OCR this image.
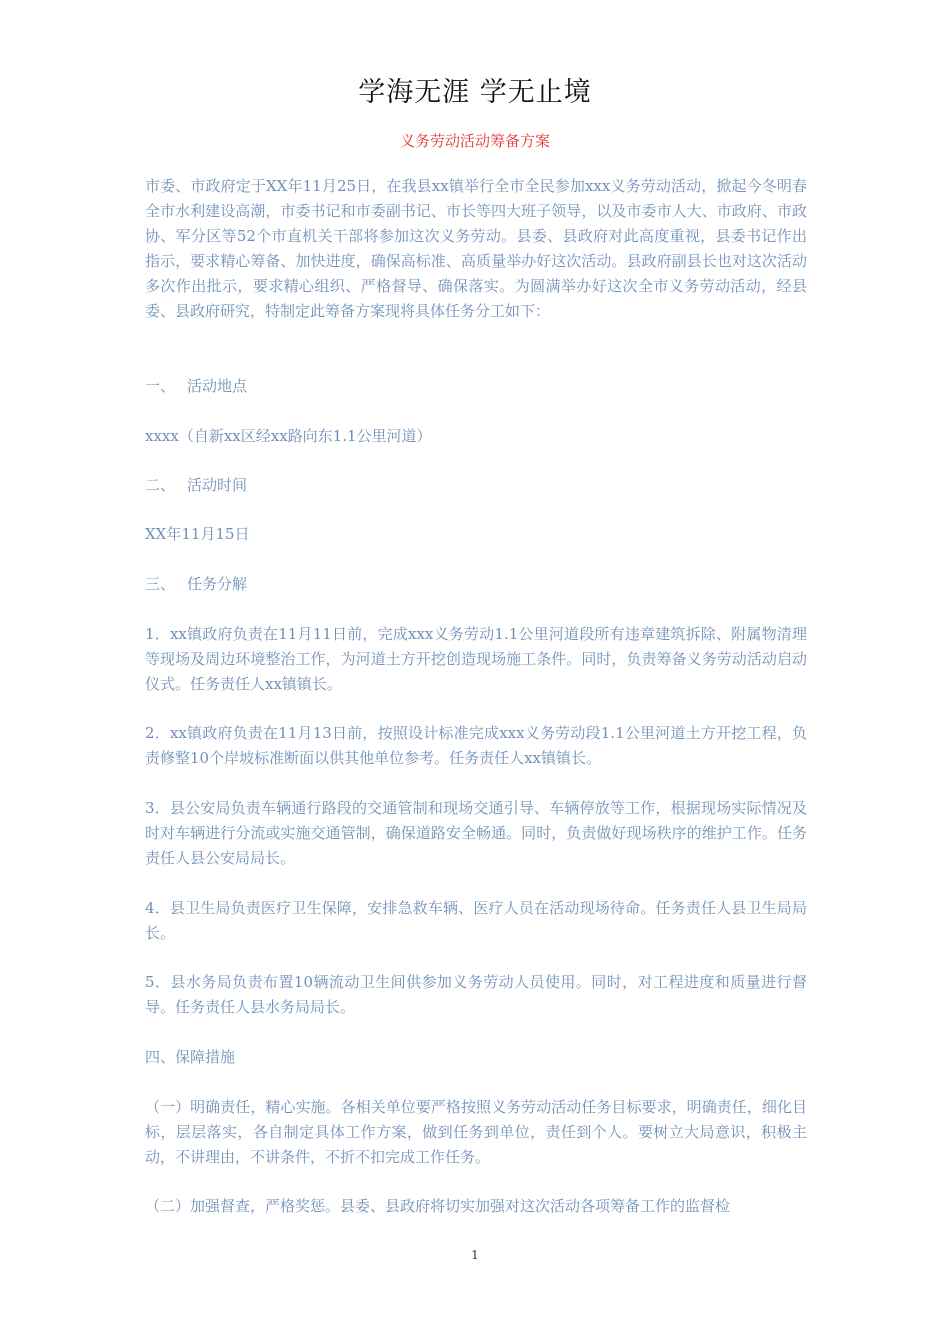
学海无涯 学无止境
义务劳动活动筹备方案

市委、市政府定于XX年11月25日，在我县xx镇举行全市全民参加xxx义务劳动活动，掀起今冬明春全市水利建设高潮，市委书记和市委副书记、市长等四大班子领导，以及市委市人大、市政府、市政协、军分区等52个市直机关干部将参加这次义务劳动。县委、县政府对此高度重视，县委书记作出指示，要求精心筹备、加快进度，确保高标准、高质量举办好这次活动。县政府副县长也对这次活动多次作出批示，要求精心组织、严格督导、确保落实。为圆满举办好这次全市义务劳动活动，经县委、县政府研究，特制定此筹备方案现将具体任务分工如下：

一、 活动地点

xxxx（自新xx区经xx路向东1.1公里河道）

二、 活动时间

XX年11月15日

三、 任务分解

1．xx镇政府负责在11月11日前，完成xxx义务劳动1.1公里河道段所有违章建筑拆除、附属物清理等现场及周边环境整治工作，为河道土方开挖创造现场施工条件。同时，负责筹备义务劳动活动启动仪式。任务责任人xx镇镇长。

2．xx镇政府负责在11月13日前，按照设计标准完成xxx义务劳动段1.1公里河道土方开挖工程，负责修整10个岸坡标准断面以供其他单位参考。任务责任人xx镇镇长。

3．县公安局负责车辆通行路段的交通管制和现场交通引导、车辆停放等工作，根据现场实际情况及时对车辆进行分流或实施交通管制，确保道路安全畅通。同时，负责做好现场秩序的维护工作。任务责任人县公安局局长。

4．县卫生局负责医疗卫生保障，安排急救车辆、医疗人员在活动现场待命。任务责任人县卫生局局长。

5．县水务局负责布置10辆流动卫生间供参加义务劳动人员使用。同时，对工程进度和质量进行督导。任务责任人县水务局局长。

四、保障措施

（一）明确责任，精心实施。各相关单位要严格按照义务劳动活动任务目标要求，明确责任，细化目标，层层落实，各自制定具体工作方案，做到任务到单位，责任到个人。要树立大局意识，积极主动，不讲理由，不讲条件，不折不扣完成工作任务。

（二）加强督查，严格奖惩。县委、县政府将切实加强对这次活动各项筹备工作的监督检

1
